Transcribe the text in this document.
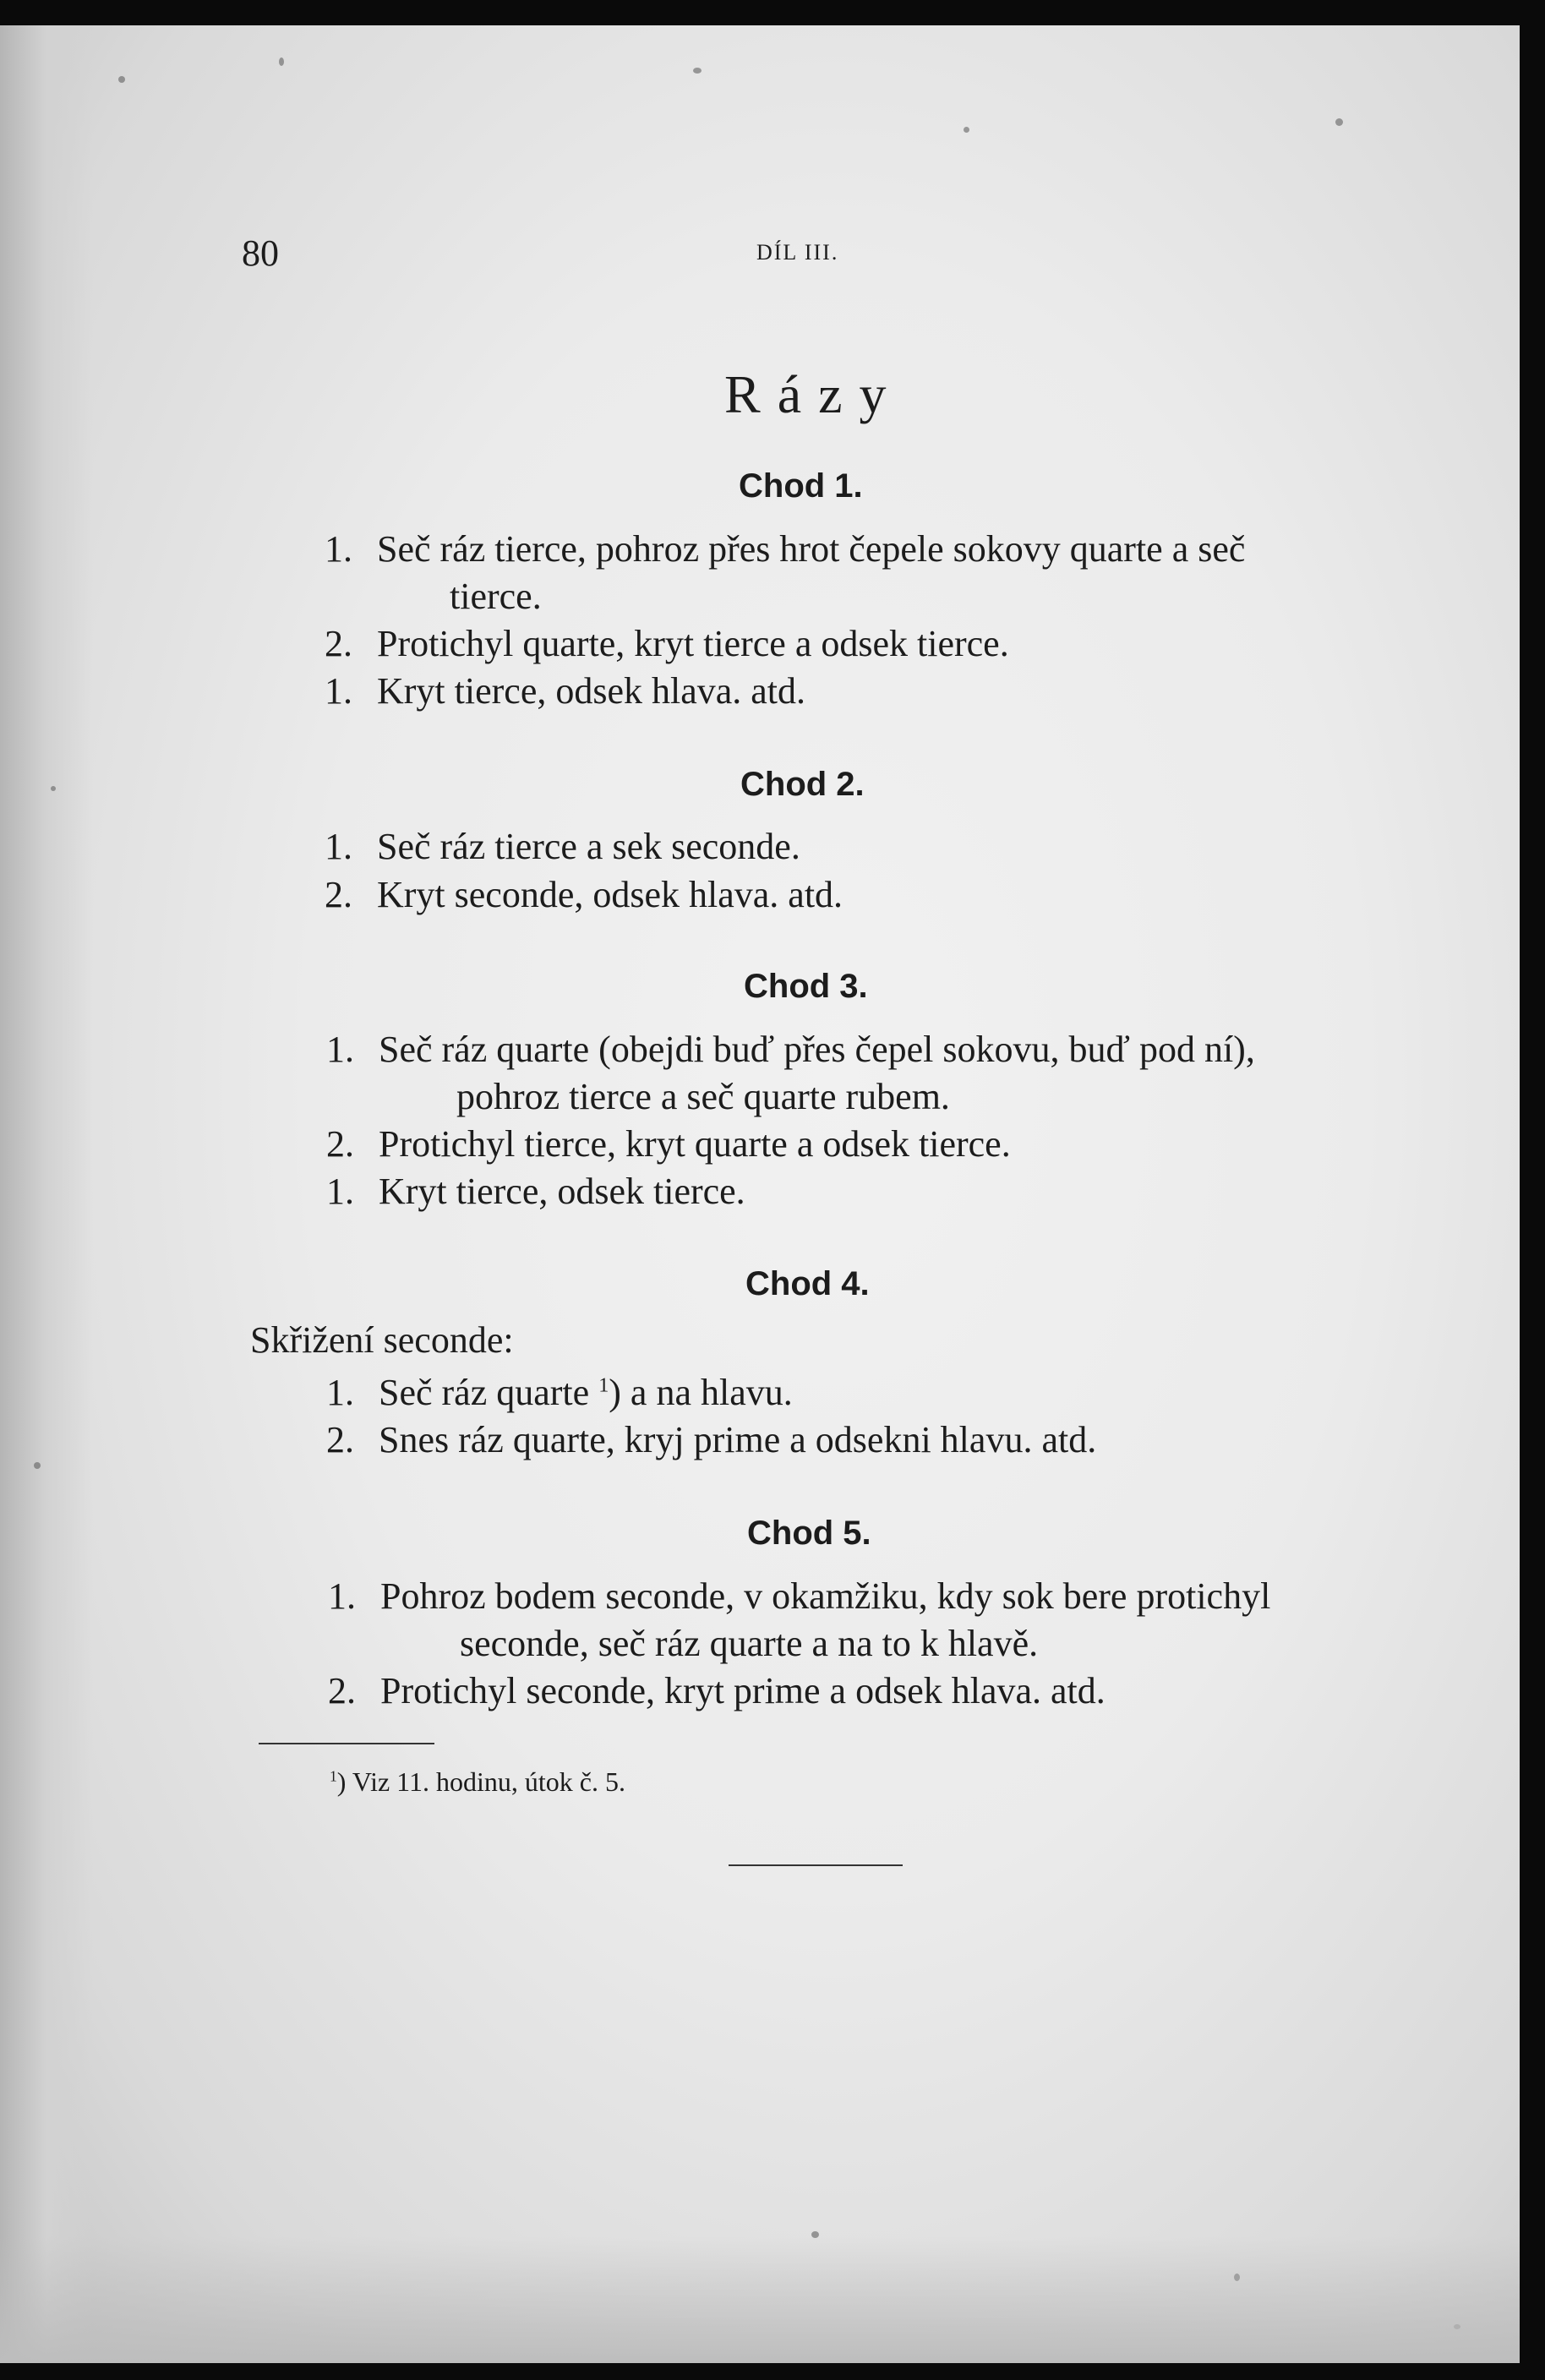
80	DÍL III.
Rázy
Chod 1.
1. Seč ráz tierce, pohroz přes hrot čepele sokovy quarte a seč
tierce.
2. Protichyl quarte, kryt tierce a odsek tierce.
1. Kryt tierce, odsek hlava. atd.
Chod 2.
1. Seč ráz tierce a sek seconde.
2. Kryt seconde, odsek hlava. atd.
Chod 3.
1. Seč ráz quarte (obejdi buď přes čepel sokovu, buď pod ní),
pohroz tierce a seč quarte rubem.
2. Protichyl tierce, kryt quarte a odsek tierce.
1. Kryt tierce, odsek tierce.
Chod 4.
Skřižení seconde:
1. Seč ráz quarte $^1$) a na hlavu.
2. Snes ráz quarte, kryj prime a odsekni hlavu. atd.
Chod 5.
1. Pohroz bodem seconde, v okamžiku, kdy sok bere protichyl
seconde, seč ráz quarte a na to k hlavě.
2. Protichyl seconde, kryt prime a odsek hlava. atd.
$^1$) Viz 11. hodinu, útok č. 5.
